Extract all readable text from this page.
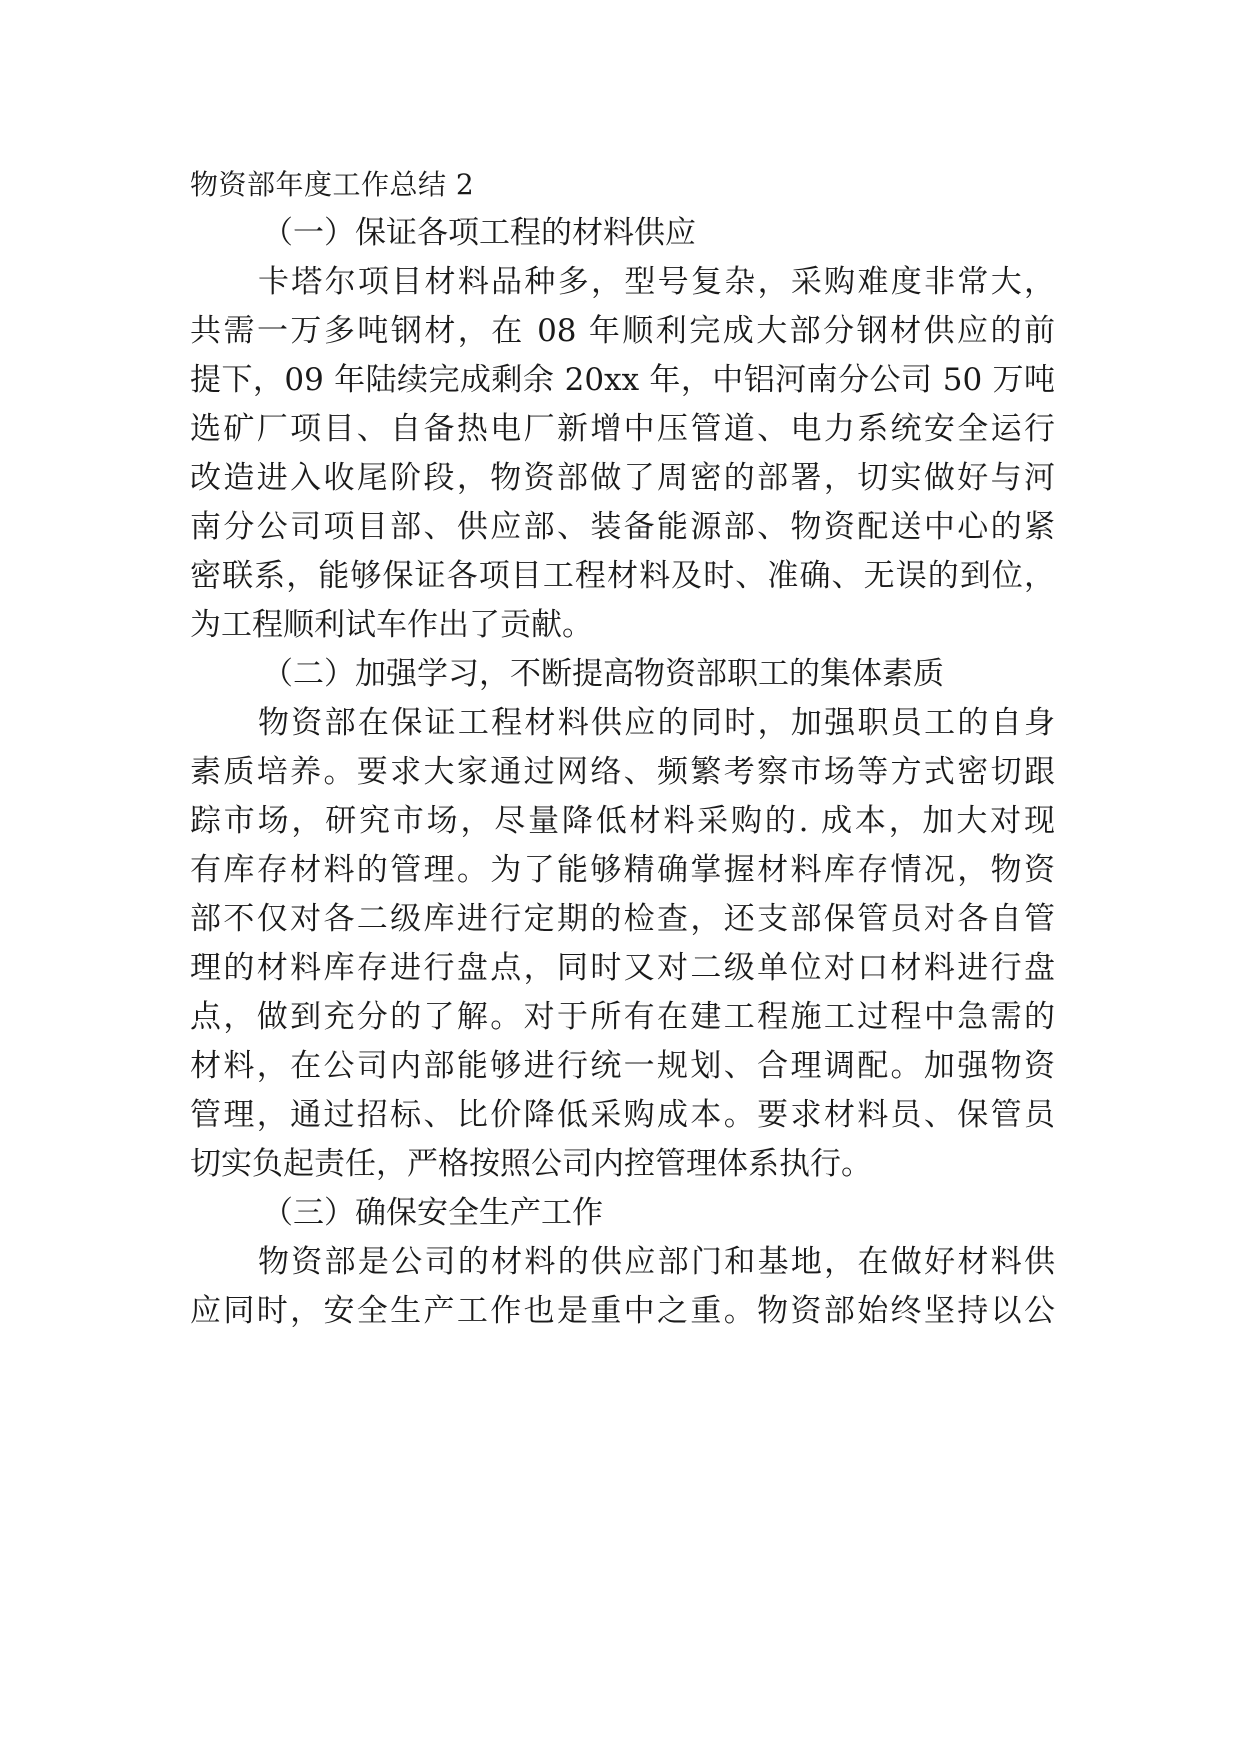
物资部年度工作总结 2
（一）保证各项工程的材料供应
卡塔尔项目材料品种多，型号复杂，采购难度非常大，
共需一万多吨钢材，在 08 年顺利完成大部分钢材供应的前
提下，09 年陆续完成剩余 20xx 年，中铝河南分公司 50 万吨
选矿厂项目、自备热电厂新增中压管道、电力系统安全运行
改造进入收尾阶段，物资部做了周密的部署，切实做好与河
南分公司项目部、供应部、装备能源部、物资配送中心的紧
密联系，能够保证各项目工程材料及时、准确、无误的到位，
为工程顺利试车作出了贡献。
（二）加强学习，不断提高物资部职工的集体素质
物资部在保证工程材料供应的同时，加强职员工的自身
素质培养。要求大家通过网络、频繁考察市场等方式密切跟
踪市场，研究市场，尽量降低材料采购的. 成本，加大对现
有库存材料的管理。为了能够精确掌握材料库存情况，物资
部不仅对各二级库进行定期的检查，还支部保管员对各自管
理的材料库存进行盘点，同时又对二级单位对口材料进行盘
点，做到充分的了解。对于所有在建工程施工过程中急需的
材料，在公司内部能够进行统一规划、合理调配。加强物资
管理，通过招标、比价降低采购成本。要求材料员、保管员
切实负起责任，严格按照公司内控管理体系执行。
（三）确保安全生产工作
物资部是公司的材料的供应部门和基地，在做好材料供
应同时，安全生产工作也是重中之重。物资部始终坚持以公
